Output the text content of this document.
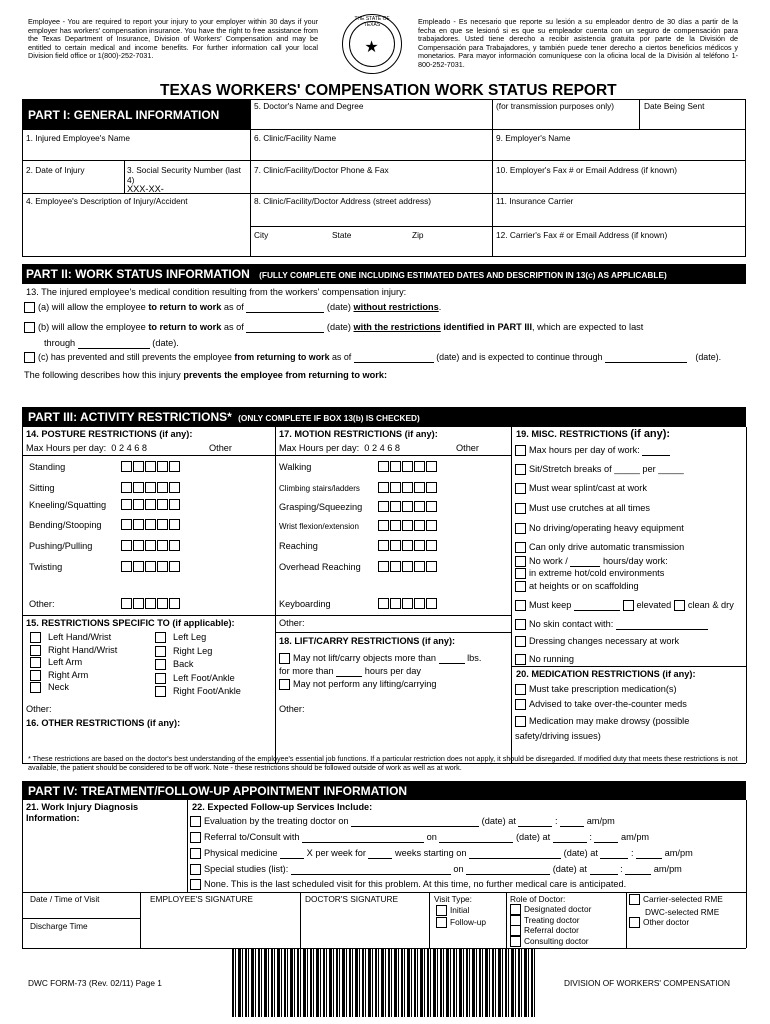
Employee - You are required to report your injury to your employer within 30 days if your employer has workers' compensation insurance. You have the right to free assistance from the Texas Department of Insurance, Division of Workers' Compensation and may be entitled to certain medical and income benefits. For further information call your local Division field office or 1(800)-252-7031.	★
THE STATE OF TEXAS	Empleado - Es necesario que reporte su lesión a su empleador dentro de 30 días a partir de la fecha en que se lesionó si es que su empleador cuenta con un seguro de compensación para trabajadores. Usted tiene derecho a recibir asistencia gratuita por parte de la División de Compensación para Trabajadores, y también puede tener derecho a ciertos beneficios médicos y monetarios. Para mayor información comuníquese con la oficina local de la División al teléfono 1-800-252-7031.
TEXAS WORKERS' COMPENSATION WORK STATUS REPORT
PART I: GENERAL INFORMATION
5. Doctor's Name and Degree	(for transmission purposes only)	Date Being Sent
1. Injured Employee's Name	6. Clinic/Facility Name	9. Employer's Name
2. Date of Injury	3. Social Security Number (last 4)
XXX-XX-
7. Clinic/Facility/Doctor Phone & Fax	10. Employer's Fax # or Email Address (if known)
4. Employee's Description of Injury/Accident	8. Clinic/Facility/Doctor Address (street address)	11. Insurance Carrier
City	State	Zip	12. Carrier's Fax # or Email Address (if known)
PART II: WORK STATUS INFORMATION (FULLY COMPLETE ONE INCLUDING ESTIMATED DATES AND DESCRIPTION IN 13(c) AS APPLICABLE)
13. The injured employee's medical condition resulting from the workers' compensation injury:
(a) will allow the employee to return to work as of	(date) without restrictions.
(b) will allow the employee to return to work as of	(date) with the restrictions identified in PART III, which are expected to last
through	(date).
(c) has prevented and still prevents the employee from returning to work as of	(date) and is expected to continue through	(date).
The following describes how this injury prevents the employee from returning to work:
PART III: ACTIVITY RESTRICTIONS* (ONLY COMPLETE IF BOX 13(b) IS CHECKED)
14. POSTURE RESTRICTIONS (if any):	17. MOTION RESTRICTIONS (if any):	19. MISC. RESTRICTIONS (if any):
Max Hours per day: 0 2 4 6 8	Other	Max Hours per day: 0 2 4 6 8	Other
Standing
Sitting
Kneeling/Squatting
Bending/Stooping
Pushing/Pulling
Twisting
Other:
Walking
Climbing stairs/ladders
Grasping/Squeezing
Wrist flexion/extension
Reaching
Overhead Reaching
Keyboarding
Max hours per day of work:
Sit/Stretch breaks of _____ per _____
Must wear splint/cast at work
Must use crutches at all times
No driving/operating heavy equipment
Can only drive automatic transmission
No work /	hours/day work:
in extreme hot/cold environments
at heights or on scaffolding
Must keep	elevated clean & dry
No skin contact with:
Dressing changes necessary at work
No running
20. MEDICATION RESTRICTIONS (if any):
Must take prescription medication(s)
Advised to take over-the-counter meds
Medication may make drowsy (possible safety/driving issues)
15. RESTRICTIONS SPECIFIC TO (if applicable):
Left Hand/Wrist
Right Hand/Wrist
Left Arm
Right Arm
Neck
Left Leg
Right Leg
Back
Left Foot/Ankle
Right Foot/Ankle
Other:
16. OTHER RESTRICTIONS (if any):
Other:
18. LIFT/CARRY RESTRICTIONS (if any):
May not lift/carry objects more than	lbs.
for more than	hours per day
May not perform any lifting/carrying
Other:
* These restrictions are based on the doctor's best understanding of the employee's essential job functions. If a particular restriction does not apply, it should be disregarded. If modified duty that meets these restrictions is not available, the patient should be considered to be off work. Note - these restrictions should be followed outside of work as well as at work.
PART IV: TREATMENT/FOLLOW-UP APPOINTMENT INFORMATION
21. Work Injury Diagnosis Information:
22. Expected Follow-up Services Include:
Evaluation by the treating doctor on	(date) at	:	am/pm
Referral to/Consult with	on	(date) at	:	am/pm
Physical medicine	X per week for	weeks starting on	(date) at	:	am/pm
Special studies (list):	on	(date) at	:	am/pm
None. This is the last scheduled visit for this problem. At this time, no further medical care is anticipated.
Date / Time of Visit
Discharge Time
EMPLOYEE'S SIGNATURE	DOCTOR'S SIGNATURE	Visit Type:
Initial
Follow-up
Role of Doctor:
Designated doctor
Treating doctor
Referral doctor
Consulting doctor
Carrier-selected RME
DWC-selected RME
Other doctor
DWC FORM-73 (Rev. 02/11) Page 1	DIVISION OF WORKERS' COMPENSATION
